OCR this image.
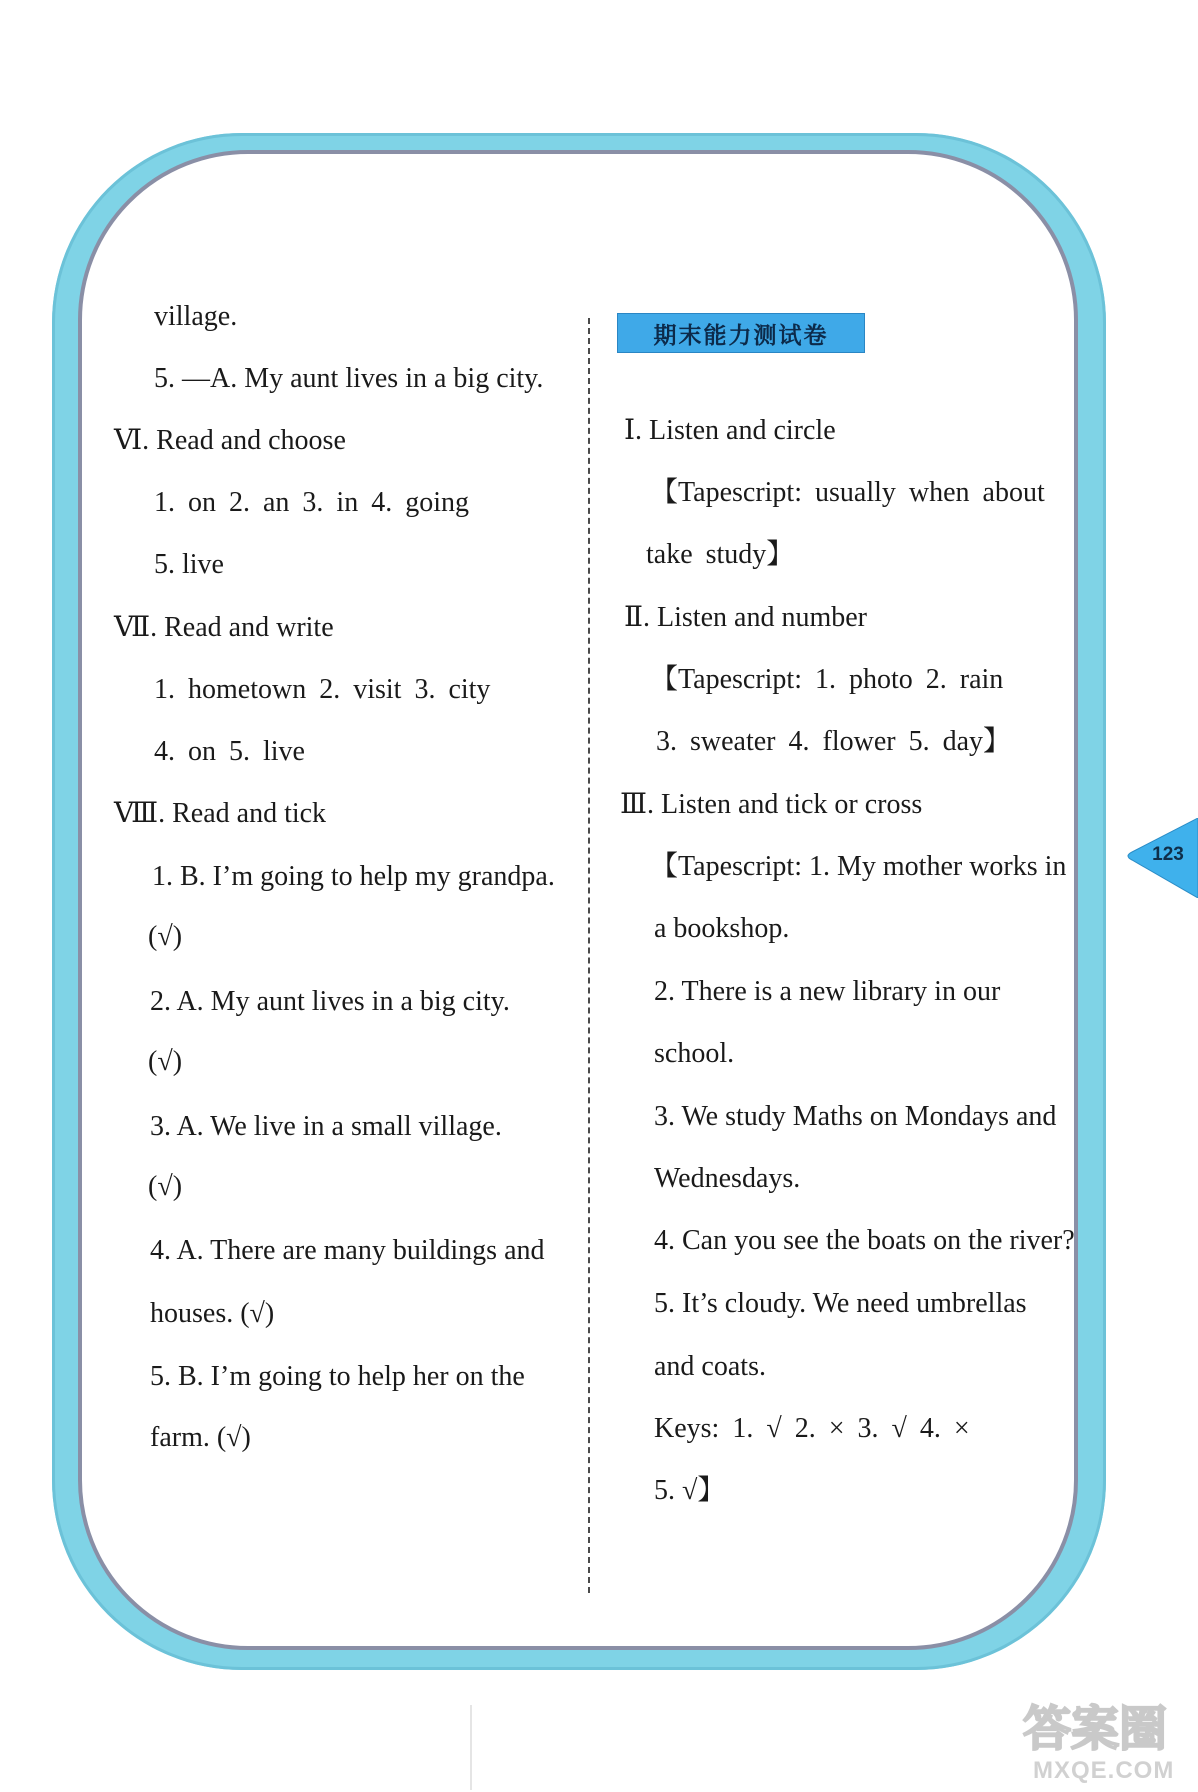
village.
5. —A. My aunt lives in a big city.
Ⅵ. Read and choose
1. on 2. an 3. in 4. going
5. live
Ⅶ. Read and write
1. hometown 2. visit 3. city
4. on 5. live
Ⅷ. Read and tick
1. B. I’m going to help my grandpa.
(√)
2. A. My aunt lives in a big city.
(√)
3. A. We live in a small village.
(√)
4. A. There are many buildings and
houses. (√)
5. B. I’m going to help her on the
farm. (√)
期末能力测试卷
Ⅰ. Listen and circle
【Tapescript: usually when about
take study】
Ⅱ. Listen and number
【Tapescript: 1. photo 2. rain
3. sweater 4. flower 5. day】
Ⅲ. Listen and tick or cross
【Tapescript: 1. My mother works in
a bookshop.
2. There is a new library in our
school.
3. We study Maths on Mondays and
Wednesdays.
4. Can you see the boats on the river?
5. It’s cloudy. We need umbrellas
and coats.
Keys: 1. √ 2. × 3. √ 4. ×
5. √】
123
答案圈
MXQE.COM
